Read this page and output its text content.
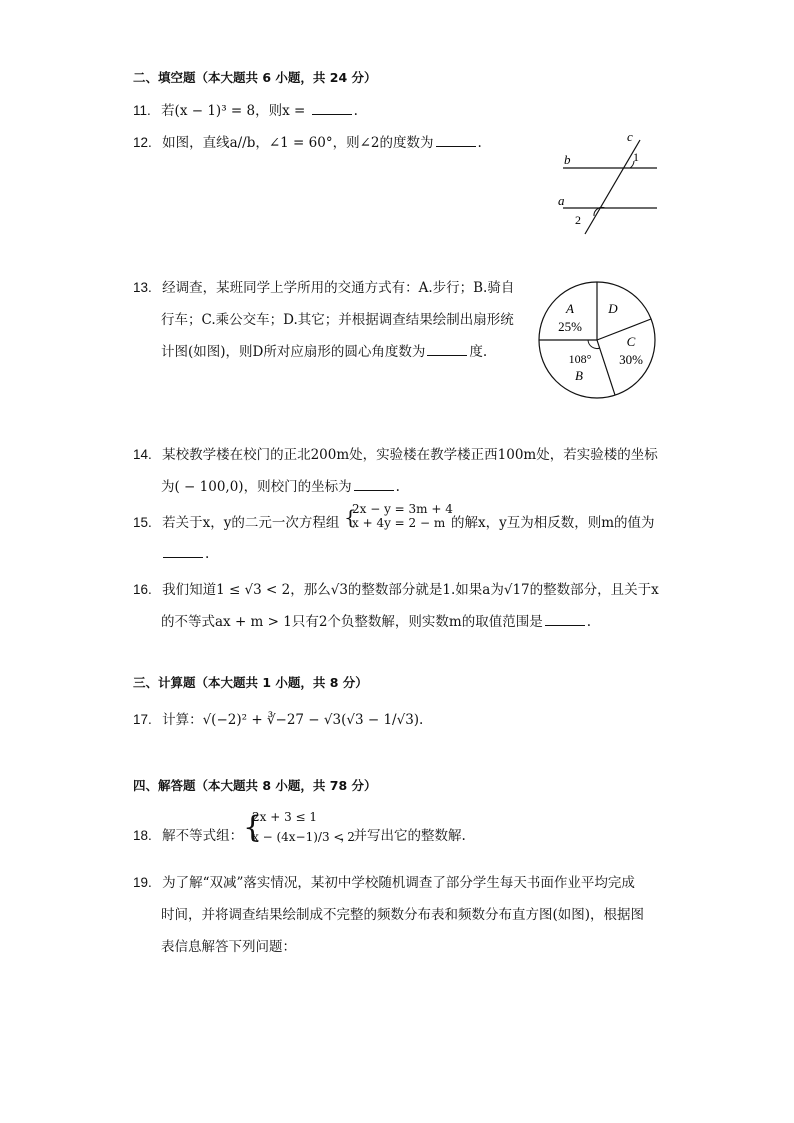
二、填空题（本大题共 6 小题，共 24 分）
11. 若(x − 1)³ = 8，则x =	.
12. 如图，直线a//b，∠1 = 60°，则∠2的度数为	.	c
b
a
1
2
13. 经调查，某班同学上学所用的交通方式有：A.步行；B.骑自
行车；C.乘公交车；D.其它；并根据调查结果绘制出扇形统
计图(如图)，则D所对应扇形的圆心角度数为	度.
A
25%
D
C
30%
108°
B
14. 某校教学楼在校门的正北200m处，实验楼在教学楼正西100m处，若实验楼的坐标
为( − 100,0)，则校门的坐标为	.
15. 若关于x，y的二元一次方程组 {
2x − y = 3m + 4
x + 4y = 2 − m 的解x，y互为相反数，则m的值为
.
16. 我们知道1 ≤ √3 < 2，那么√3的整数部分就是1.如果a为√17的整数部分，且关于x
的不等式ax + m > 1只有2个负整数解，则实数m的取值范围是	.
三、计算题（本大题共 1 小题，共 8 分）
17. 计算：√(−2)² + ∛−27 − √3(√3 − 1/√3).
四、解答题（本大题共 8 小题，共 78 分）
18. 解不等式组： {
2x + 3 ≤ 1
x − (4x−1)/3 < 2
，并写出它的整数解.
19. 为了解“双减”落实情况，某初中学校随机调查了部分学生每天书面作业平均完成
时间，并将调查结果绘制成不完整的频数分布表和频数分布直方图(如图)，根据图
表信息解答下列问题：
